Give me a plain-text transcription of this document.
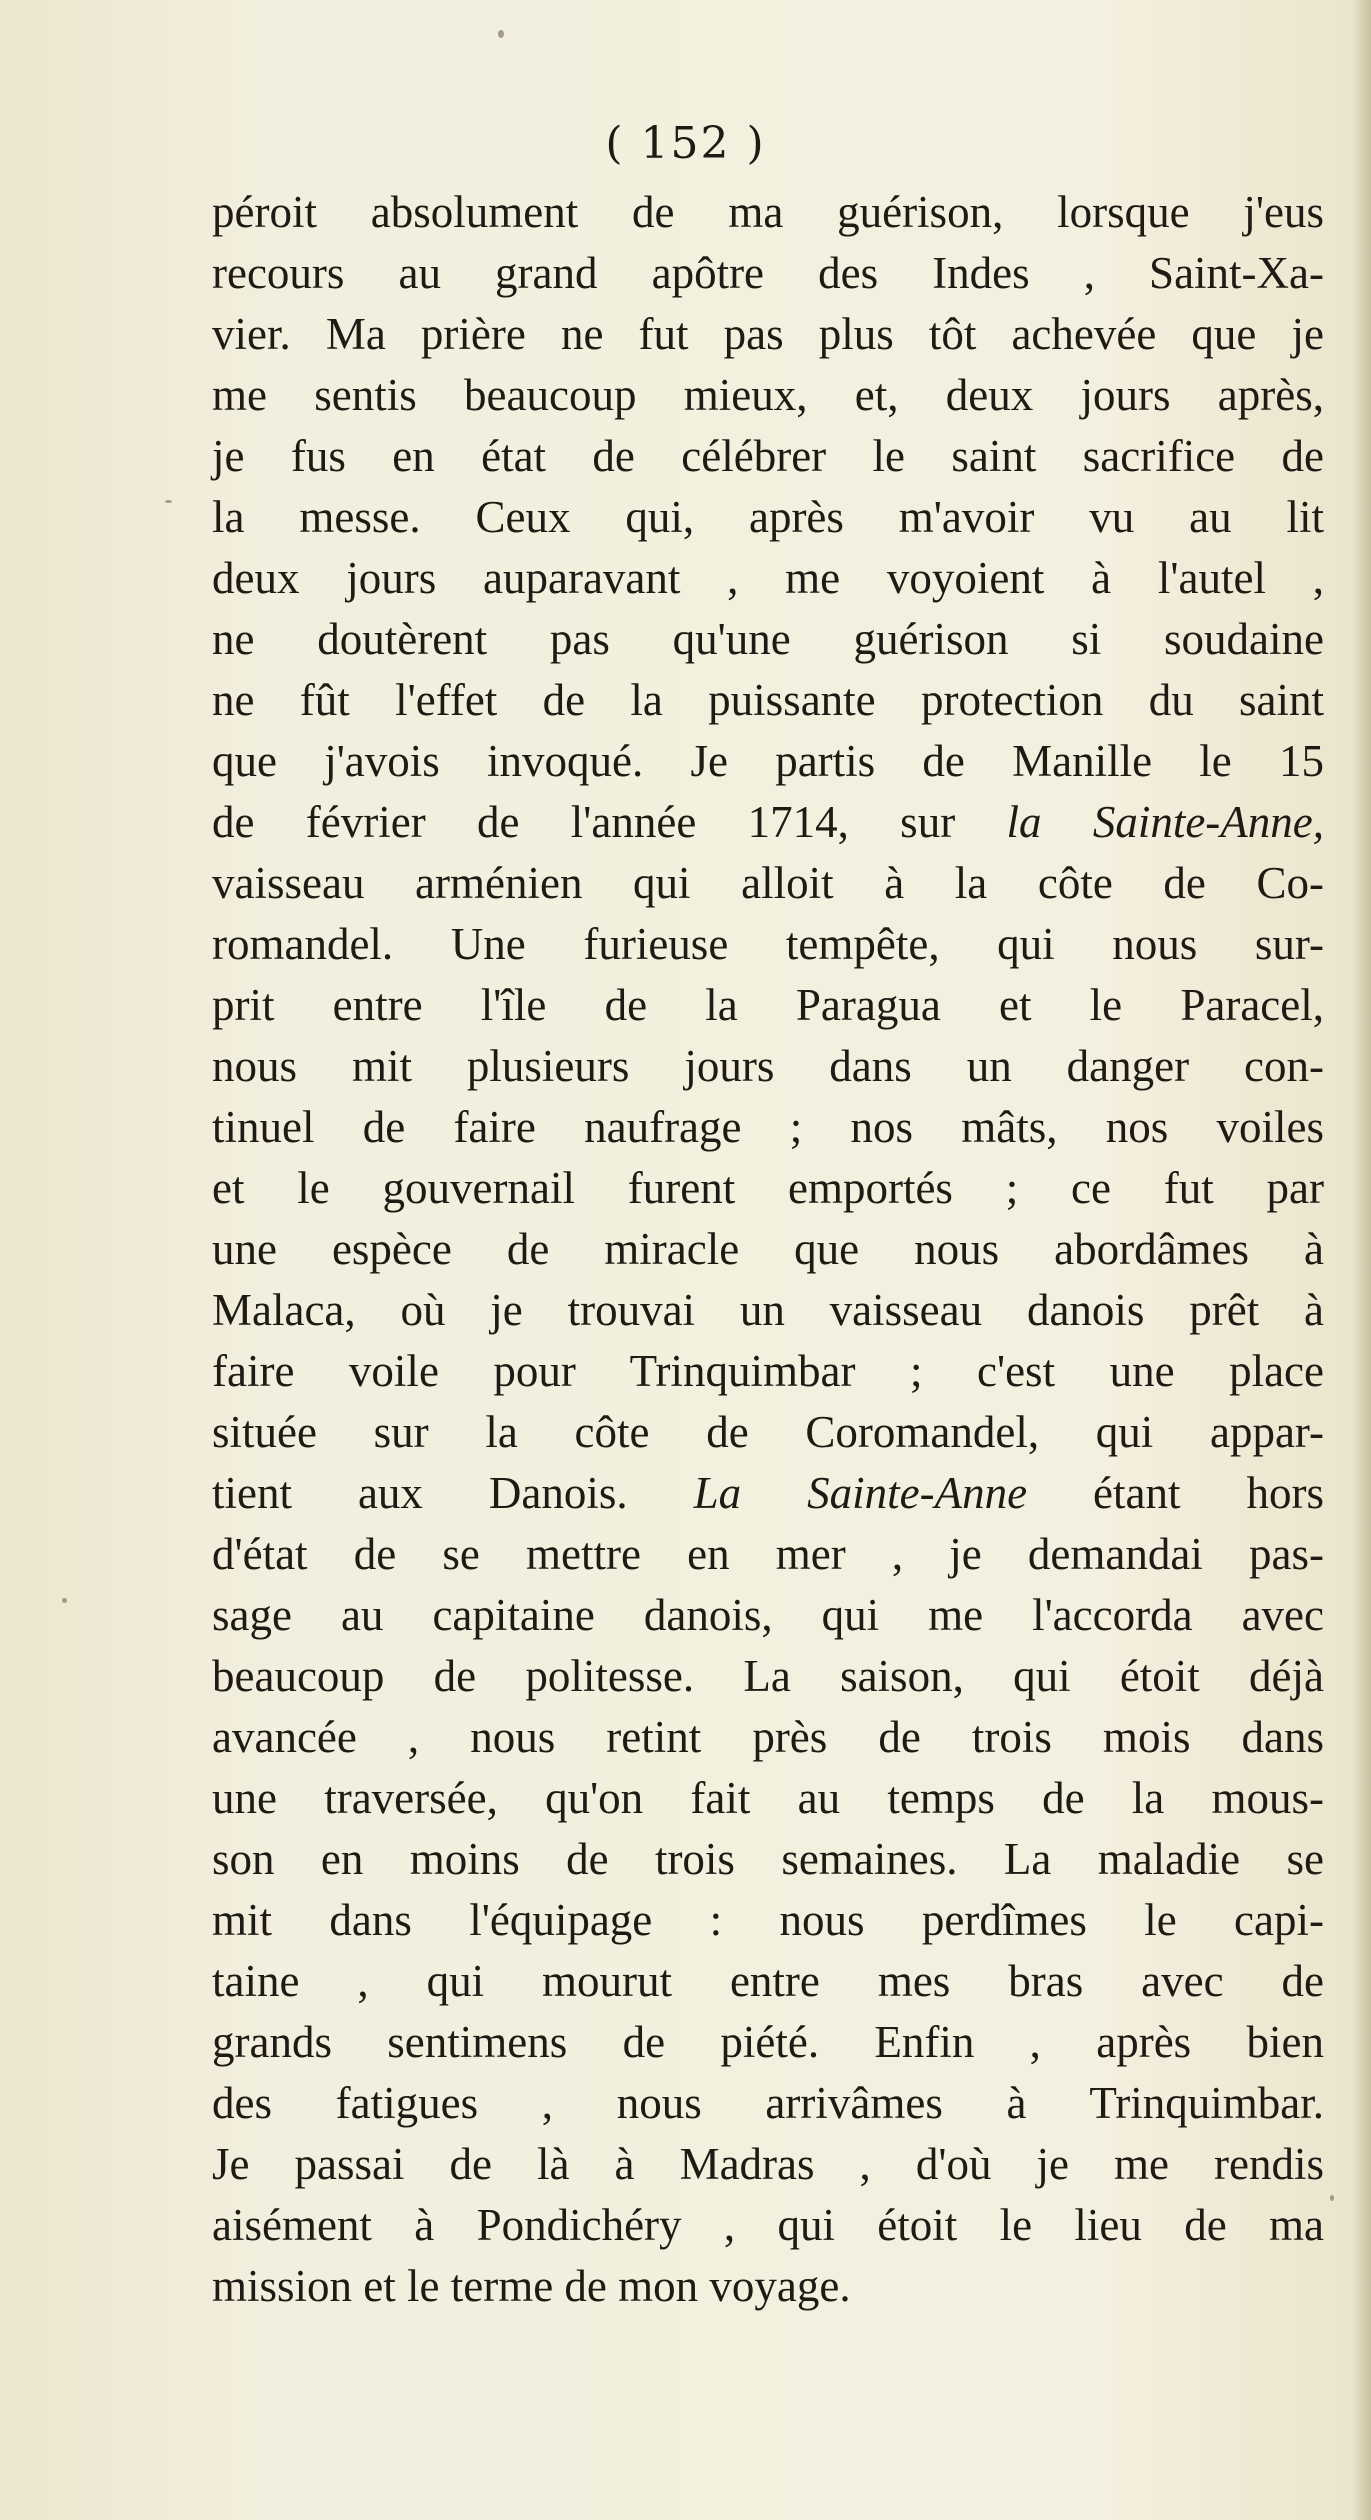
( 152 )
péroit absolument de ma guérison, lorsque j'eus
recours au grand apôtre des Indes , Saint-Xa-
vier. Ma prière ne fut pas plus tôt achevée que je
me sentis beaucoup mieux, et, deux jours après,
je fus en état de célébrer le saint sacrifice de
la messe. Ceux qui, après m'avoir vu au lit
deux jours auparavant , me voyoient à l'autel ,
ne doutèrent pas qu'une guérison si soudaine
ne fût l'effet de la puissante protection du saint
que j'avois invoqué. Je partis de Manille le 15
de février de l'année 1714, sur la Sainte-Anne,
vaisseau arménien qui alloit à la côte de Co-
romandel. Une furieuse tempête, qui nous sur-
prit entre l'île de la Paragua et le Paracel,
nous mit plusieurs jours dans un danger con-
tinuel de faire naufrage ; nos mâts, nos voiles
et le gouvernail furent emportés ; ce fut par
une espèce de miracle que nous abordâmes à
Malaca, où je trouvai un vaisseau danois prêt à
faire voile pour Trinquimbar ; c'est une place
située sur la côte de Coromandel, qui appar-
tient aux Danois. La Sainte-Anne étant hors
d'état de se mettre en mer , je demandai pas-
sage au capitaine danois, qui me l'accorda avec
beaucoup de politesse. La saison, qui étoit déjà
avancée , nous retint près de trois mois dans
une traversée, qu'on fait au temps de la mous-
son en moins de trois semaines. La maladie se
mit dans l'équipage : nous perdîmes le capi-
taine , qui mourut entre mes bras avec de
grands sentimens de piété. Enfin , après bien
des fatigues , nous arrivâmes à Trinquimbar.
Je passai de là à Madras , d'où je me rendis
aisément à Pondichéry , qui étoit le lieu de ma
mission et le terme de mon voyage.
